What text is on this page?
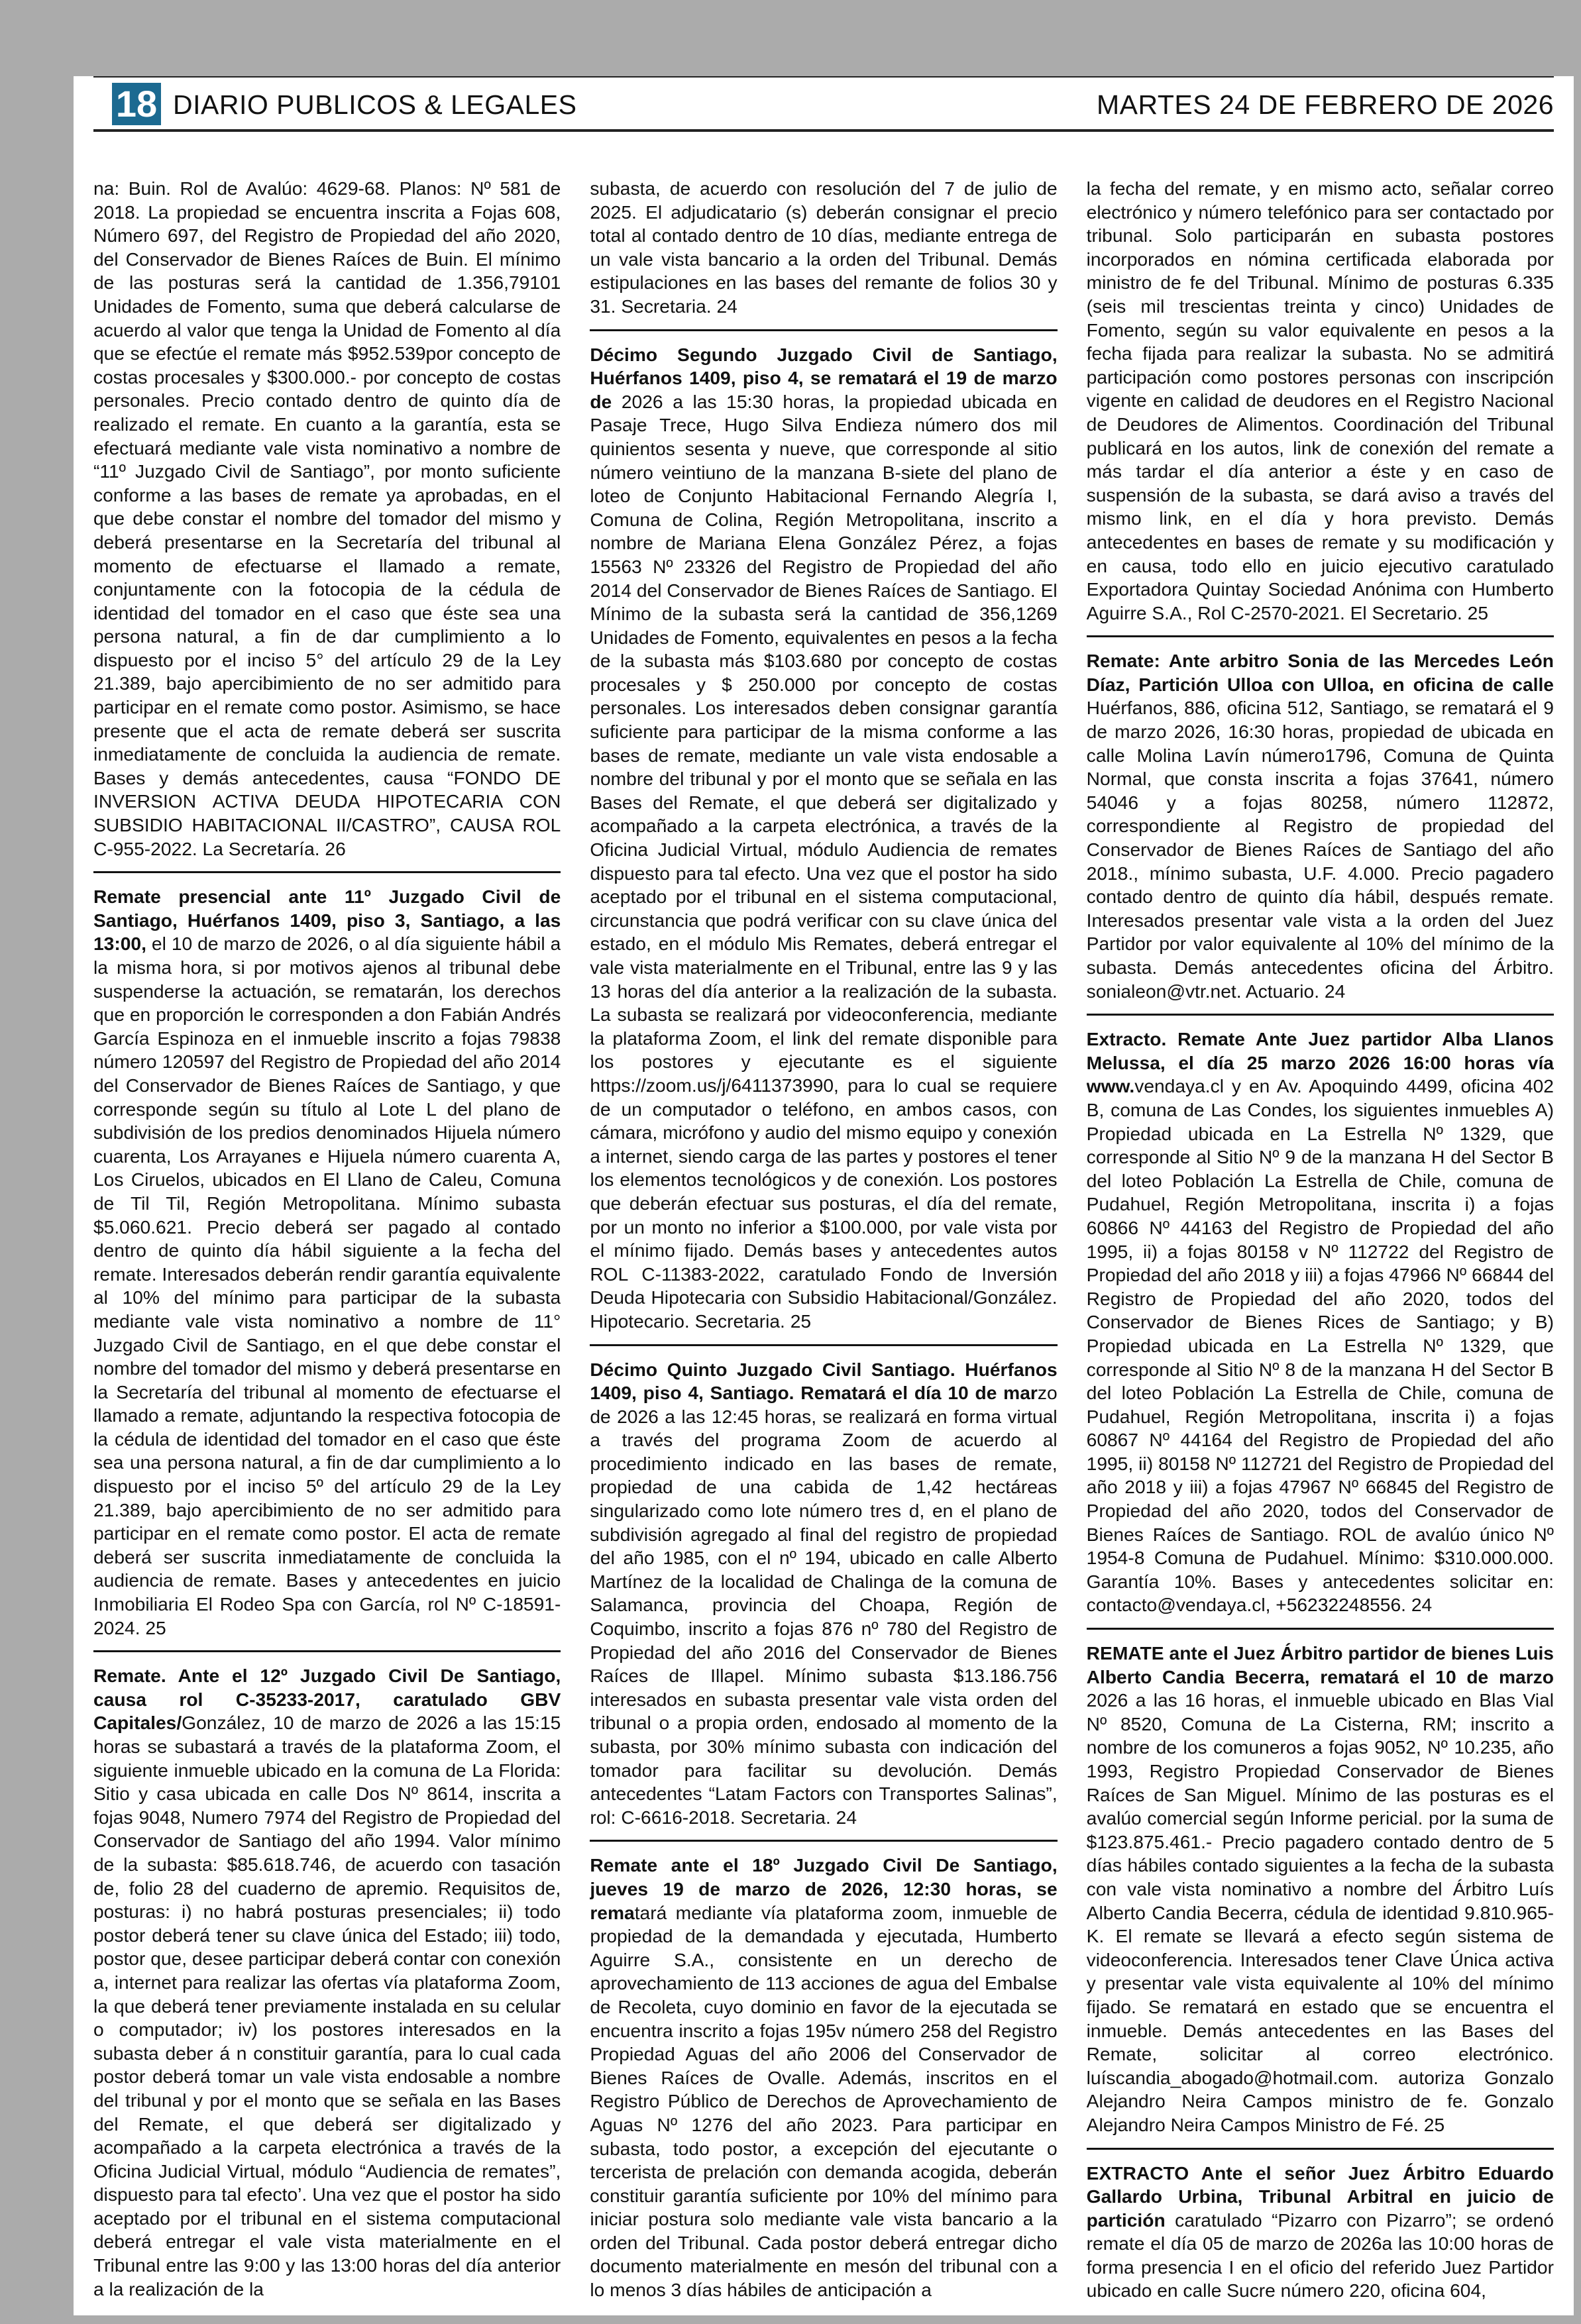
18 DIARIO PUBLICOS & LEGALES	MARTES 24 DE FEBRERO DE 2026

na: Buin. Rol de Avalúo: 4629-68. Planos: Nº 581 de 2018. La propiedad se encuentra inscrita a Fojas 608, Número 697, del Registro de Propiedad del año 2020, del Conservador de Bienes Raíces de Buin. El mínimo de las posturas será la cantidad de 1.356,79101 Unidades de Fomento, suma que deberá calcularse de acuerdo al valor que tenga la Unidad de Fomento al día que se efectúe el remate más $952.539por concepto de costas procesales y $300.000.- por concepto de costas personales. Precio contado dentro de quinto día de realizado el remate. En cuanto a la garantía, esta se efectuará mediante vale vista nominativo a nombre de “11º Juzgado Civil de Santiago”, por monto suficiente conforme a las bases de remate ya aprobadas, en el que debe constar el nombre del tomador del mismo y deberá presentarse en la Secretaría del tribunal al momento de efectuarse el llamado a remate, conjuntamente con la fotocopia de la cédula de identidad del tomador en el caso que éste sea una persona natural, a fin de dar cumplimiento a lo dispuesto por el inciso 5° del artículo 29 de la Ley 21.389, bajo apercibimiento de no ser admitido para participar en el remate como postor. Asimismo, se hace presente que el acta de remate deberá ser suscrita inmediatamente de concluida la audiencia de remate. Bases y demás antecedentes, causa “FONDO DE INVERSION ACTIVA DEUDA HIPOTECARIA CON SUBSIDIO HABITACIONAL II/CASTRO”, CAUSA ROL C-955-2022. La Secretaría. 26

Remate presencial ante 11º Juzgado Civil de Santiago, Huérfanos 1409, piso 3, Santiago, a las 13:00, el 10 de marzo de 2026, o al día siguiente hábil a la misma hora, si por motivos ajenos al tribunal debe suspenderse la actuación, se rematarán, los derechos que en proporción le corresponden a don Fabián Andrés García Espinoza en el inmueble inscrito a fojas 79838 número 120597 del Registro de Propiedad del año 2014 del Conservador de Bienes Raíces de Santiago, y que corresponde según su título al Lote L del plano de subdivisión de los predios denominados Hijuela número cuarenta, Los Arrayanes e Hijuela número cuarenta A, Los Ciruelos, ubicados en El Llano de Caleu, Comuna de Til Til, Región Metropolitana. Mínimo subasta $5.060.621. Precio deberá ser pagado al contado dentro de quinto día hábil siguiente a la fecha del remate. Interesados deberán rendir garantía equivalente al 10% del mínimo para participar de la subasta mediante vale vista nominativo a nombre de 11° Juzgado Civil de Santiago, en el que debe constar el nombre del tomador del mismo y deberá presentarse en la Secretaría del tribunal al momento de efectuarse el llamado a remate, adjuntando la respectiva fotocopia de la cédula de identidad del tomador en el caso que éste sea una persona natural, a fin de dar cumplimiento a lo dispuesto por el inciso 5º del artículo 29 de la Ley 21.389, bajo apercibimiento de no ser admitido para participar en el remate como postor. El acta de remate deberá ser suscrita inmediatamente de concluida la audiencia de remate. Bases y antecedentes en juicio Inmobiliaria El Rodeo Spa con García, rol Nº C-18591-2024. 25

Remate. Ante el 12º Juzgado Civil De Santiago, causa rol C-35233-2017, caratulado GBV Capitales/González, 10 de marzo de 2026 a las 15:15 horas se subastará a través de la plataforma Zoom, el siguiente inmueble ubicado en la comuna de La Florida: Sitio y casa ubicada en calle Dos Nº 8614, inscrita a fojas 9048, Numero 7974 del Registro de Propiedad del Conservador de Santiago del año 1994. Valor mínimo de la subasta: $85.618.746, de acuerdo con tasación de, folio 28 del cuaderno de apremio. Requisitos de, posturas: i) no habrá posturas presenciales; ii) todo postor deberá tener su clave única del Estado; iii) todo, postor que, desee participar deberá contar con conexión a, internet para realizar las ofertas vía plataforma Zoom, la que deberá tener previamente instalada en su celular o computador; iv) los postores interesados en la subasta deber á n constituir garantía, para lo cual cada postor deberá tomar un vale vista endosable a nombre del tribunal y por el monto que se señala en las Bases del Remate, el que deberá ser digitalizado y acompañado a la carpeta electrónica a través de la Oficina Judicial Virtual, módulo “Audiencia de remates”, dispuesto para tal efecto’. Una vez que el postor ha sido aceptado por el tribunal en el sistema computacional deberá entregar el vale vista materialmente en el Tribunal entre las 9:00 y las 13:00 horas del día anterior a la realización de la

subasta, de acuerdo con resolución del 7 de julio de 2025. El adjudicatario (s) deberán consignar el precio total al contado dentro de 10 días, mediante entrega de un vale vista bancario a la orden del Tribunal. Demás estipulaciones en las bases del remante de folios 30 y 31. Secretaria. 24

Décimo Segundo Juzgado Civil de Santiago, Huérfanos 1409, piso 4, se rematará el 19 de marzo de 2026 a las 15:30 horas, la propiedad ubicada en Pasaje Trece, Hugo Silva Endieza número dos mil quinientos sesenta y nueve, que corresponde al sitio número veintiuno de la manzana B-siete del plano de loteo de Conjunto Habitacional Fernando Alegría I, Comuna de Colina, Región Metropolitana, inscrito a nombre de Mariana Elena González Pérez, a fojas 15563 Nº 23326 del Registro de Propiedad del año 2014 del Conservador de Bienes Raíces de Santiago. El Mínimo de la subasta será la cantidad de 356,1269 Unidades de Fomento, equivalentes en pesos a la fecha de la subasta más $103.680 por concepto de costas procesales y $ 250.000 por concepto de costas personales. Los interesados deben consignar garantía suficiente para participar de la misma conforme a las bases de remate, mediante un vale vista endosable a nombre del tribunal y por el monto que se señala en las Bases del Remate, el que deberá ser digitalizado y acompañado a la carpeta electrónica, a través de la Oficina Judicial Virtual, módulo Audiencia de remates dispuesto para tal efecto. Una vez que el postor ha sido aceptado por el tribunal en el sistema computacional, circunstancia que podrá verificar con su clave única del estado, en el módulo Mis Remates, deberá entregar el vale vista materialmente en el Tribunal, entre las 9 y las 13 horas del día anterior a la realización de la subasta. La subasta se realizará por videoconferencia, mediante la plataforma Zoom, el link del remate disponible para los postores y ejecutante es el siguiente https://zoom.us/j/6411373990, para lo cual se requiere de un computador o teléfono, en ambos casos, con cámara, micrófono y audio del mismo equipo y conexión a internet, siendo carga de las partes y postores el tener los elementos tecnológicos y de conexión. Los postores que deberán efectuar sus posturas, el día del remate, por un monto no inferior a $100.000, por vale vista por el mínimo fijado. Demás bases y antecedentes autos ROL C-11383-2022, caratulado Fondo de Inversión Deuda Hipotecaria con Subsidio Habitacional/González. Hipotecario. Secretaria. 25

Décimo Quinto Juzgado Civil Santiago. Huérfanos 1409, piso 4, Santiago. Rematará el día 10 de marzo de 2026 a las 12:45 horas, se realizará en forma virtual a través del programa Zoom de acuerdo al procedimiento indicado en las bases de remate, propiedad de una cabida de 1,42 hectáreas singularizado como lote número tres d, en el plano de subdivisión agregado al final del registro de propiedad del año 1985, con el nº 194, ubicado en calle Alberto Martínez de la localidad de Chalinga de la comuna de Salamanca, provincia del Choapa, Región de Coquimbo, inscrito a fojas 876 nº 780 del Registro de Propiedad del año 2016 del Conservador de Bienes Raíces de Illapel. Mínimo subasta $13.186.756 interesados en subasta presentar vale vista orden del tribunal o a propia orden, endosado al momento de la subasta, por 30% mínimo subasta con indicación del tomador para facilitar su devolución. Demás antecedentes “Latam Factors con Transportes Salinas”, rol: C-6616-2018. Secretaria. 24

Remate ante el 18º Juzgado Civil De Santiago, jueves 19 de marzo de 2026, 12:30 horas, se rematará mediante vía plataforma zoom, inmueble de propiedad de la demandada y ejecutada, Humberto Aguirre S.A., consistente en un derecho de aprovechamiento de 113 acciones de agua del Embalse de Recoleta, cuyo dominio en favor de la ejecutada se encuentra inscrito a fojas 195v número 258 del Registro Propiedad Aguas del año 2006 del Conservador de Bienes Raíces de Ovalle. Además, inscritos en el Registro Público de Derechos de Aprovechamiento de Aguas Nº 1276 del año 2023. Para participar en subasta, todo postor, a excepción del ejecutante o tercerista de prelación con demanda acogida, deberán constituir garantía suficiente por 10% del mínimo para iniciar postura solo mediante vale vista bancario a la orden del Tribunal. Cada postor deberá entregar dicho documento materialmente en mesón del tribunal con a lo menos 3 días hábiles de anticipación a

la fecha del remate, y en mismo acto, señalar correo electrónico y número telefónico para ser contactado por tribunal. Solo participarán en subasta postores incorporados en nómina certificada elaborada por ministro de fe del Tribunal. Mínimo de posturas 6.335 (seis mil trescientas treinta y cinco) Unidades de Fomento, según su valor equivalente en pesos a la fecha fijada para realizar la subasta. No se admitirá participación como postores personas con inscripción vigente en calidad de deudores en el Registro Nacional de Deudores de Alimentos. Coordinación del Tribunal publicará en los autos, link de conexión del remate a más tardar el día anterior a éste y en caso de suspensión de la subasta, se dará aviso a través del mismo link, en el día y hora previsto. Demás antecedentes en bases de remate y su modificación y en causa, todo ello en juicio ejecutivo caratulado Exportadora Quintay Sociedad Anónima con Humberto Aguirre S.A., Rol C-2570-2021. El Secretario. 25

Remate: Ante arbitro Sonia de las Mercedes León Díaz, Partición Ulloa con Ulloa, en oficina de calle Huérfanos, 886, oficina 512, Santiago, se rematará el 9 de marzo 2026, 16:30 horas, propiedad de ubicada en calle Molina Lavín número1796, Comuna de Quinta Normal, que consta inscrita a fojas 37641, número 54046 y a fojas 80258, número 112872, correspondiente al Registro de propiedad del Conservador de Bienes Raíces de Santiago del año 2018., mínimo subasta, U.F. 4.000. Precio pagadero contado dentro de quinto día hábil, después remate. Interesados presentar vale vista a la orden del Juez Partidor por valor equivalente al 10% del mínimo de la subasta. Demás antecedentes oficina del Árbitro. sonialeon@vtr.net. Actuario. 24

Extracto. Remate Ante Juez partidor Alba Llanos Melussa, el día 25 marzo 2026 16:00 horas vía www.vendaya.cl y en Av. Apoquindo 4499, oficina 402 B, comuna de Las Condes, los siguientes inmuebles A) Propiedad ubicada en La Estrella Nº 1329, que corresponde al Sitio Nº 9 de la manzana H del Sector B del loteo Población La Estrella de Chile, comuna de Pudahuel, Región Metropolitana, inscrita i) a fojas 60866 Nº 44163 del Registro de Propiedad del año 1995, ii) a fojas 80158 v Nº 112722 del Registro de Propiedad del año 2018 y iii) a fojas 47966 Nº 66844 del Registro de Propiedad del año 2020, todos del Conservador de Bienes Rices de Santiago; y B) Propiedad ubicada en La Estrella Nº 1329, que corresponde al Sitio Nº 8 de la manzana H del Sector B del loteo Población La Estrella de Chile, comuna de Pudahuel, Región Metropolitana, inscrita i) a fojas 60867 Nº 44164 del Registro de Propiedad del año 1995, ii) 80158 Nº 112721 del Registro de Propiedad del año 2018 y iii) a fojas 47967 Nº 66845 del Registro de Propiedad del año 2020, todos del Conservador de Bienes Raíces de Santiago. ROL de avalúo único Nº 1954-8 Comuna de Pudahuel. Mínimo: $310.000.000. Garantía 10%. Bases y antecedentes solicitar en: contacto@vendaya.cl, +56232248556. 24

REMATE ante el Juez Árbitro partidor de bienes Luis Alberto Candia Becerra, rematará el 10 de marzo 2026 a las 16 horas, el inmueble ubicado en Blas Vial Nº 8520, Comuna de La Cisterna, RM; inscrito a nombre de los comuneros a fojas 9052, Nº 10.235, año 1993, Registro Propiedad Conservador de Bienes Raíces de San Miguel. Mínimo de las posturas es el avalúo comercial según Informe pericial. por la suma de $123.875.461.- Precio pagadero contado dentro de 5 días hábiles contado siguientes a la fecha de la subasta con vale vista nominativo a nombre del Árbitro Luís Alberto Candia Becerra, cédula de identidad 9.810.965-K. El remate se llevará a efecto según sistema de videoconferencia. Interesados tener Clave Única activa y presentar vale vista equivalente al 10% del mínimo fijado. Se rematará en estado que se encuentra el inmueble. Demás antecedentes en las Bases del Remate, solicitar al correo electrónico. luíscandia_abogado@hotmail.com. autoriza Gonzalo Alejandro Neira Campos ministro de fe. Gonzalo Alejandro Neira Campos Ministro de Fé. 25

EXTRACTO Ante el señor Juez Árbitro Eduardo Gallardo Urbina, Tribunal Arbitral en juicio de partición caratulado “Pizarro con Pizarro”; se ordenó remate el día 05 de marzo de 2026a las 10:00 horas de forma presencia I en el oficio del referido Juez Partidor ubicado en calle Sucre número 220, oficina 604,
